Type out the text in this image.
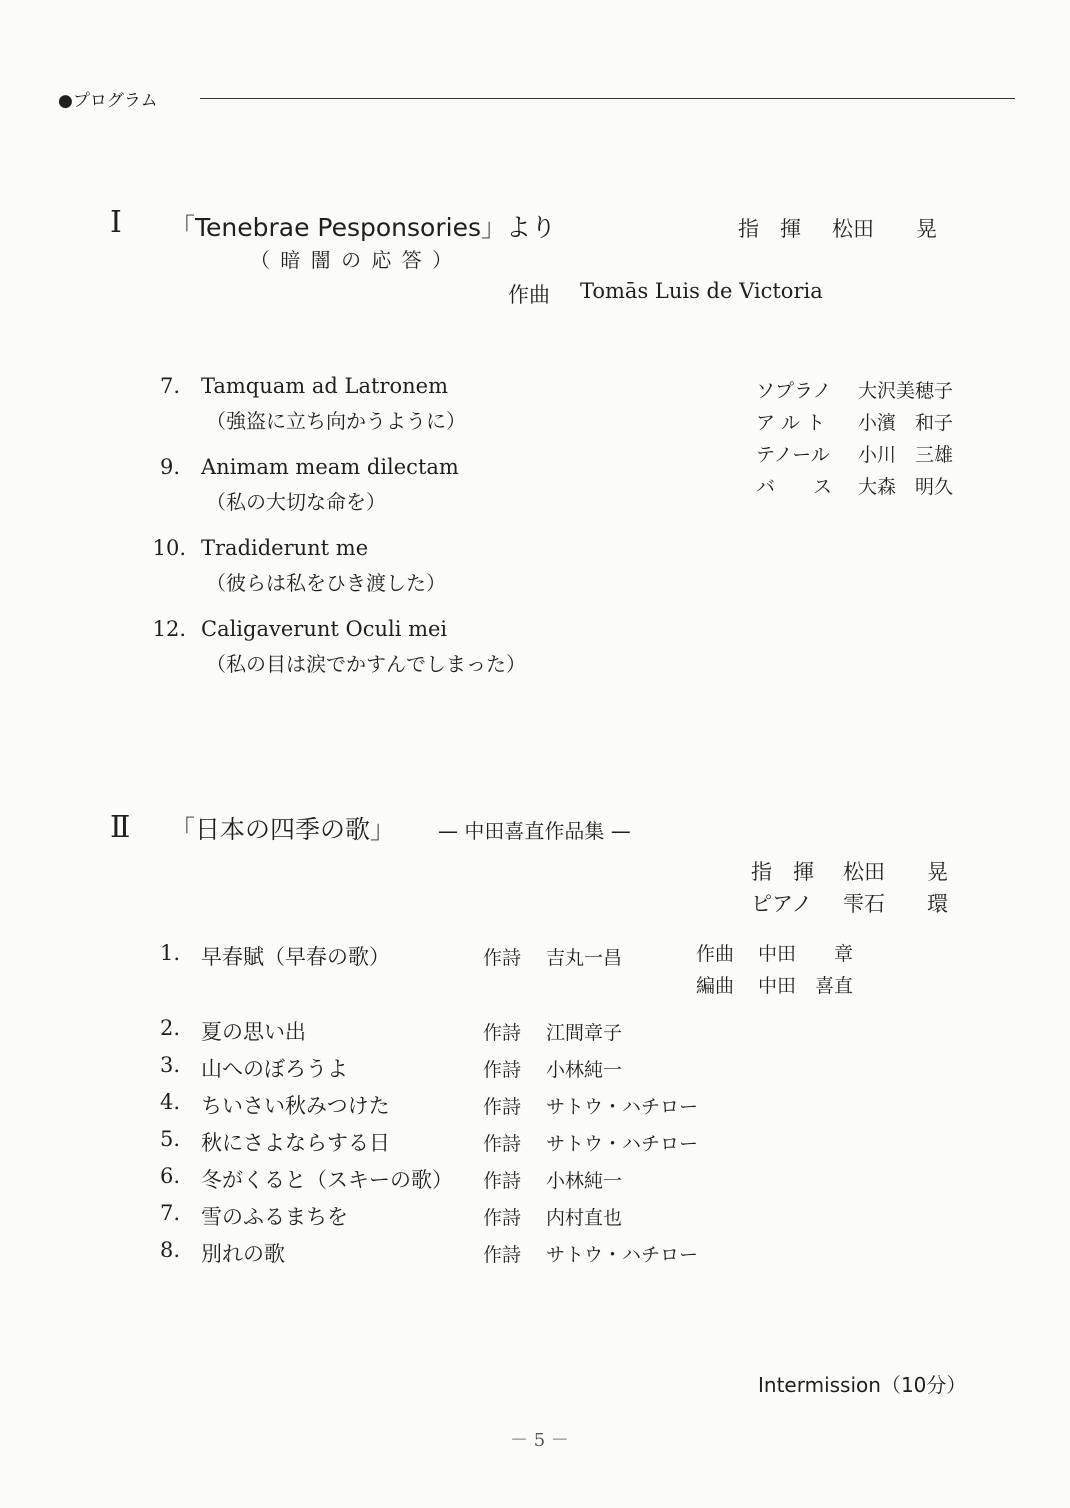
●プログラム
Ⅰ 「Tenebrae Pesponsories」より
（ 暗 闇 の 応 答 ）
指　揮 松田　　晃
作曲 Tomās Luis de Victoria
7. Tamquam ad Latronem
（強盗に立ち向かうように）
9. Animam meam dilectam
（私の大切な命を）
10. Tradiderunt me
（彼らは私をひき渡した）
12. Caligaverunt Oculi mei
（私の目は涙でかすんでしまった）
ソプラノ 大沢美穂子
ア ル ト 小濱　和子
テノール 小川　三雄
バ　　ス 大森　明久
Ⅱ 「日本の四季の歌」 — 中田喜直作品集 —
指　揮 松田　　晃
ピアノ 雫石　　環
1. 早春賦（早春の歌）	作詩 吉丸一昌	作曲 中田　　章
編曲 中田　喜直
2. 夏の思い出	作詩 江間章子
3. 山へのぼろうよ	作詩 小林純一
4. ちいさい秋みつけた	作詩 サトウ・ハチロー
5. 秋にさよならする日	作詩 サトウ・ハチロー
6. 冬がくると（スキーの歌） 作詩 小林純一
7. 雪のふるまちを	作詩 内村直也
8. 別れの歌	作詩 サトウ・ハチロー
Intermission（10分）
－ 5 －
